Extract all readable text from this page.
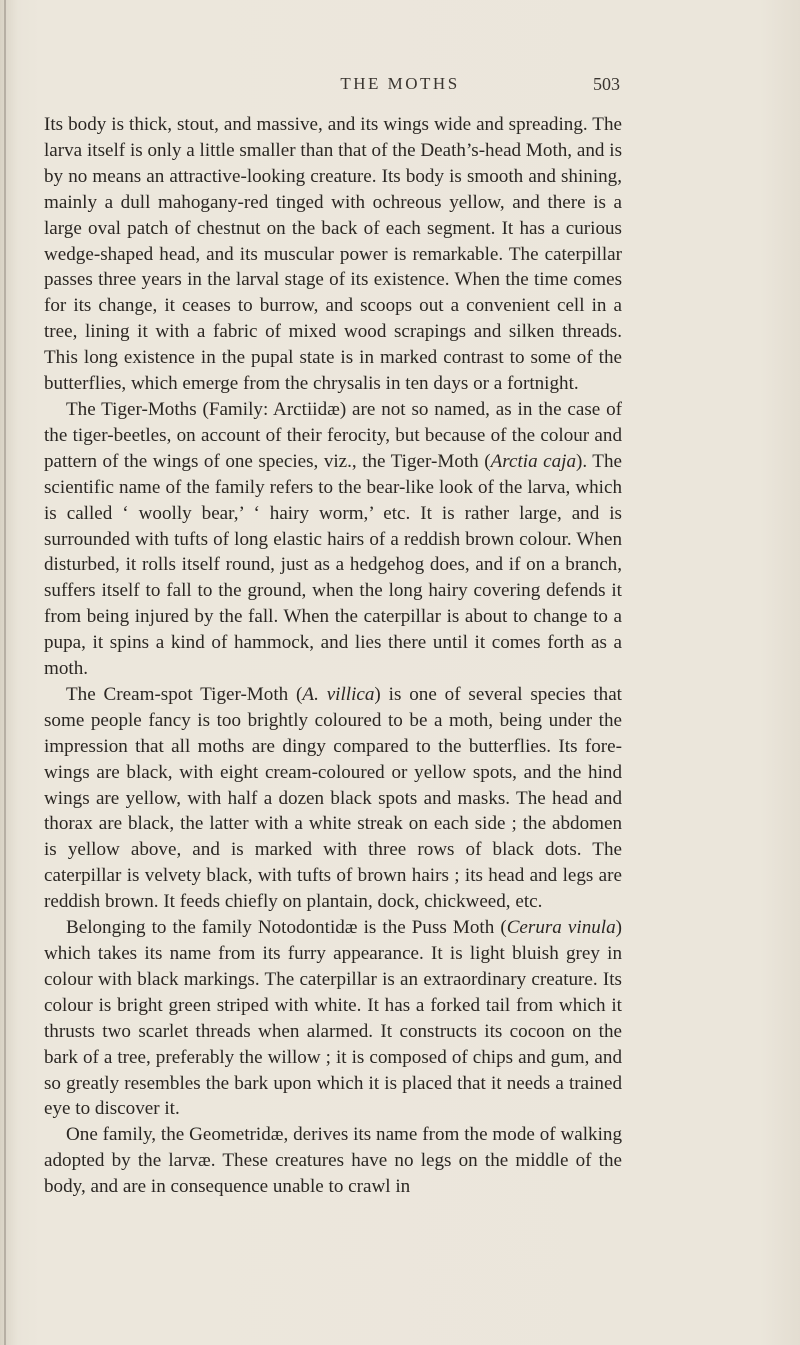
THE MOTHS	503

Its body is thick, stout, and massive, and its wings wide and spreading. The larva itself is only a little smaller than that of the Death’s-head Moth, and is by no means an attractive-looking creature. Its body is smooth and shining, mainly a dull mahogany-red tinged with ochreous yellow, and there is a large oval patch of chestnut on the back of each segment. It has a curious wedge-shaped head, and its muscular power is remarkable. The caterpillar passes three years in the larval stage of its existence. When the time comes for its change, it ceases to burrow, and scoops out a convenient cell in a tree, lining it with a fabric of mixed wood scrapings and silken threads. This long existence in the pupal state is in marked contrast to some of the butterflies, which emerge from the chrysalis in ten days or a fortnight.

The Tiger-Moths (Family: Arctiidæ) are not so named, as in the case of the tiger-beetles, on account of their ferocity, but because of the colour and pattern of the wings of one species, viz., the Tiger-Moth (Arctia caja). The scientific name of the family refers to the bear-like look of the larva, which is called ‘ woolly bear,’ ‘ hairy worm,’ etc. It is rather large, and is surrounded with tufts of long elastic hairs of a reddish brown colour. When disturbed, it rolls itself round, just as a hedgehog does, and if on a branch, suffers itself to fall to the ground, when the long hairy covering defends it from being injured by the fall. When the caterpillar is about to change to a pupa, it spins a kind of hammock, and lies there until it comes forth as a moth.

The Cream-spot Tiger-Moth (A. villica) is one of several species that some people fancy is too brightly coloured to be a moth, being under the impression that all moths are dingy compared to the butterflies. Its fore-wings are black, with eight cream-coloured or yellow spots, and the hind wings are yellow, with half a dozen black spots and masks. The head and thorax are black, the latter with a white streak on each side ; the abdomen is yellow above, and is marked with three rows of black dots. The caterpillar is velvety black, with tufts of brown hairs ; its head and legs are reddish brown. It feeds chiefly on plantain, dock, chickweed, etc.

Belonging to the family Notodontidæ is the Puss Moth (Cerura vinula) which takes its name from its furry appearance. It is light bluish grey in colour with black markings. The caterpillar is an extraordinary creature. Its colour is bright green striped with white. It has a forked tail from which it thrusts two scarlet threads when alarmed. It constructs its cocoon on the bark of a tree, preferably the willow ; it is composed of chips and gum, and so greatly resembles the bark upon which it is placed that it needs a trained eye to discover it.

One family, the Geometridæ, derives its name from the mode of walking adopted by the larvæ. These creatures have no legs on the middle of the body, and are in consequence unable to crawl in
